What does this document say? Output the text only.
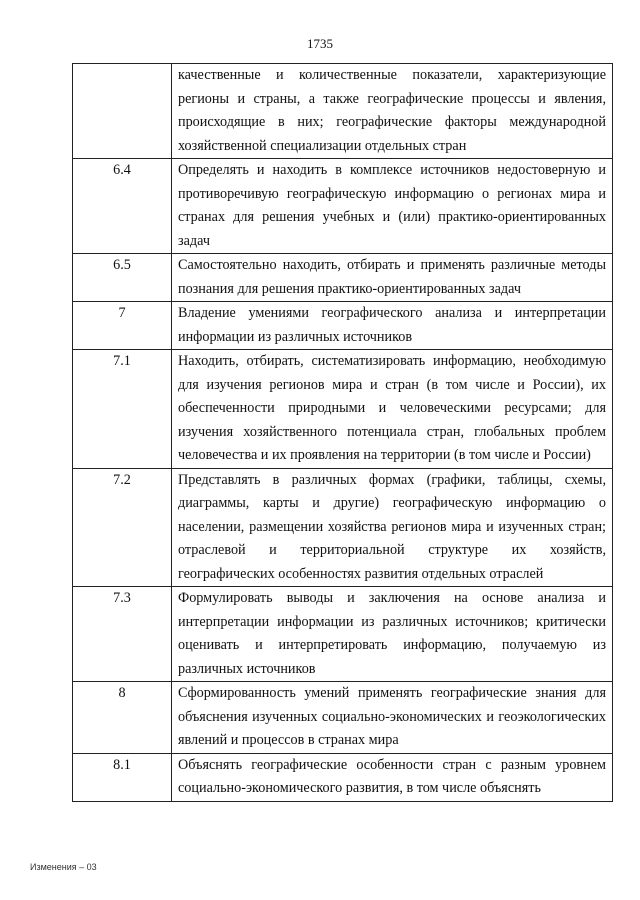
1735
	качественные и количественные показатели, характеризующие регионы и страны, а также географические процессы и явления, происходящие в них; географические факторы международной хозяйственной специализации отдельных стран
6.4	Определять и находить в комплексе источников недостоверную и противоречивую географическую информацию о регионах мира и странах для решения учебных и (или) практико-ориентированных задач
6.5	Самостоятельно находить, отбирать и применять различные методы познания для решения практико-ориентированных задач
7	Владение умениями географического анализа и интерпретации информации из различных источников
7.1	Находить, отбирать, систематизировать информацию, необходимую для изучения регионов мира и стран (в том числе и России), их обеспеченности природными и человеческими ресурсами; для изучения хозяйственного потенциала стран, глобальных проблем человечества и их проявления на территории (в том числе и России)
7.2	Представлять в различных формах (графики, таблицы, схемы, диаграммы, карты и другие) географическую информацию о населении, размещении хозяйства регионов мира и изученных стран; отраслевой и территориальной структуре их хозяйств, географических особенностях развития отдельных отраслей
7.3	Формулировать выводы и заключения на основе анализа и интерпретации информации из различных источников; критически оценивать и интерпретировать информацию, получаемую из различных источников
8	Сформированность умений применять географические знания для объяснения изученных социально-экономических и геоэкологических явлений и процессов в странах мира
8.1	Объяснять географические особенности стран с разным уровнем социально-экономического развития, в том числе объяснять
Изменения – 03
